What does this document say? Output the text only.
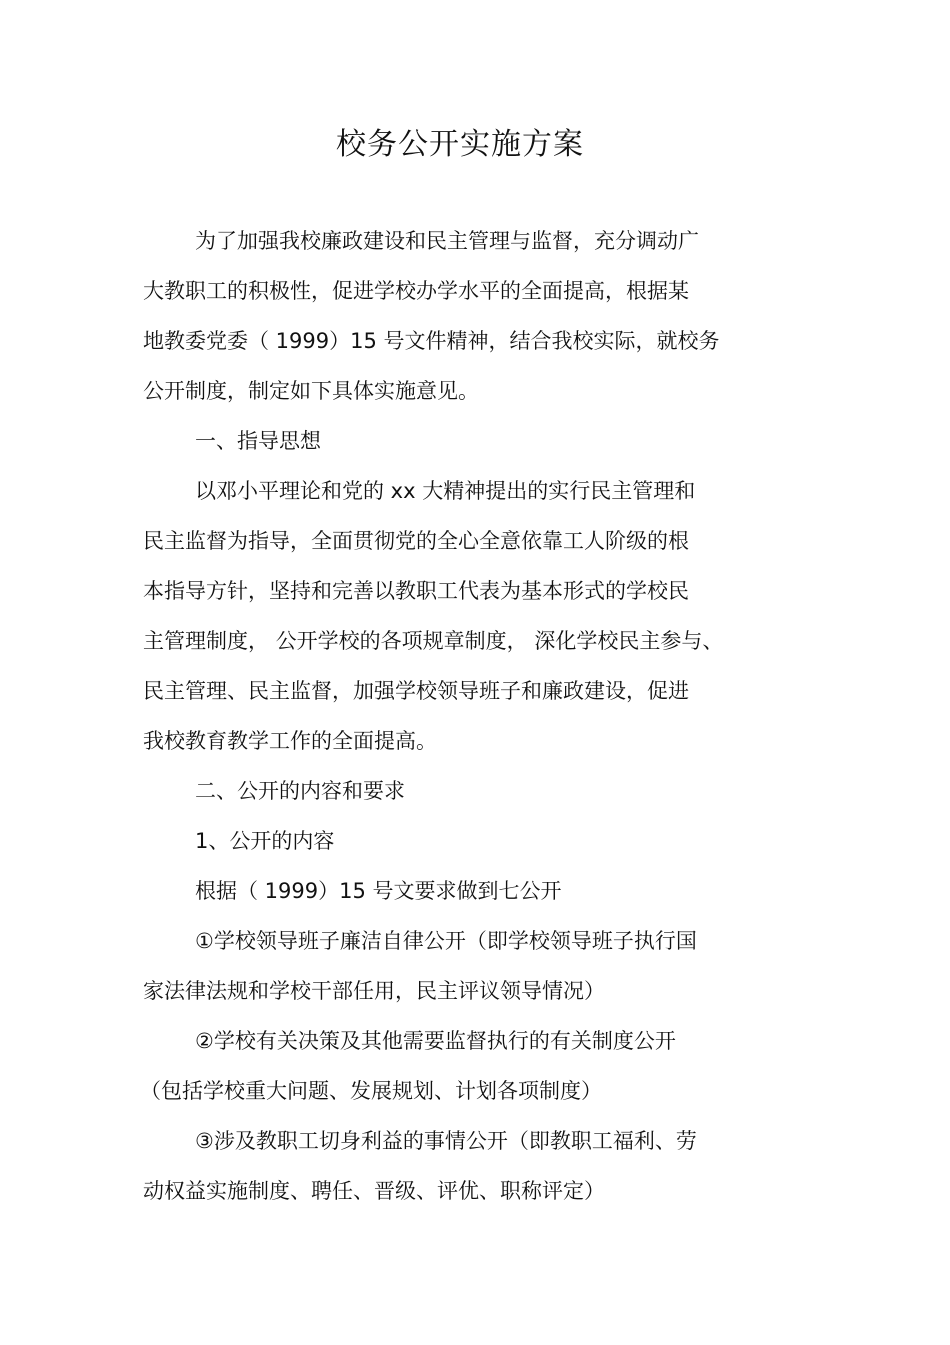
校务公开实施方案
为了加强我校廉政建设和民主管理与监督，充分调动广
大教职工的积极性，促进学校办学水平的全面提高，根据某
地教委党委（ 1999）15 号文件精神，结合我校实际，就校务
公开制度，制定如下具体实施意见。
一、指导思想
以邓小平理论和党的 xx 大精神提出的实行民主管理和
民主监督为指导，全面贯彻党的全心全意依靠工人阶级的根
本指导方针，坚持和完善以教职工代表为基本形式的学校民
主管理制度， 公开学校的各项规章制度， 深化学校民主参与、
民主管理、民主监督，加强学校领导班子和廉政建设，促进
我校教育教学工作的全面提高。
二、公开的内容和要求
1、公开的内容
根据（ 1999）15 号文要求做到七公开
①学校领导班子廉洁自律公开（即学校领导班子执行国
家法律法规和学校干部任用，民主评议领导情况）
②学校有关决策及其他需要监督执行的有关制度公开
（包括学校重大问题、发展规划、计划各项制度）
③涉及教职工切身利益的事情公开（即教职工福利、劳
动权益实施制度、聘任、晋级、评优、职称评定）
